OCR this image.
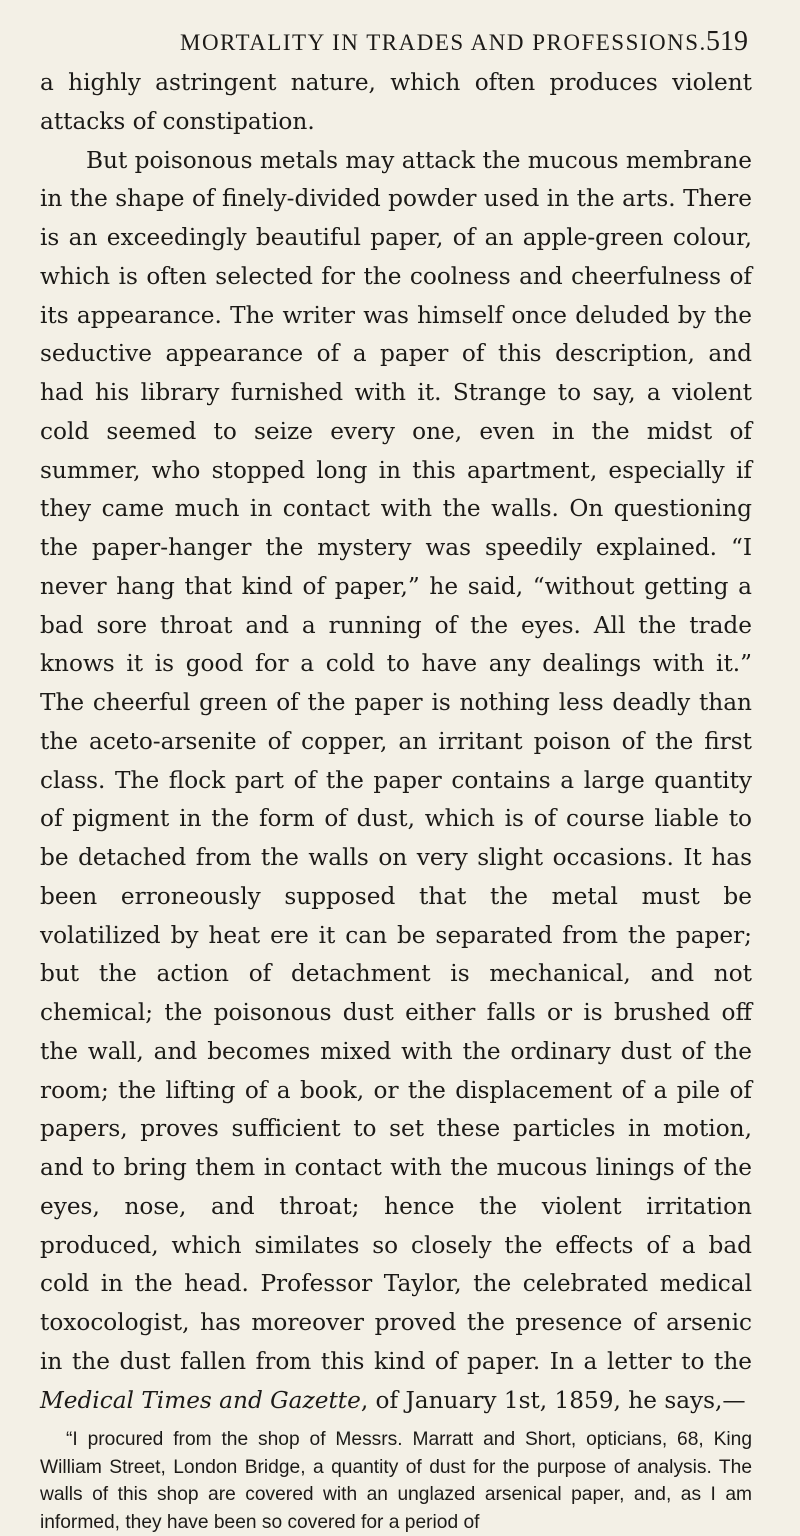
MORTALITY IN TRADES AND PROFESSIONS. 519

a highly astringent nature, which often produces violent attacks of constipation.

But poisonous metals may attack the mucous membrane in the shape of finely-divided powder used in the arts. There is an exceedingly beautiful paper, of an apple-green colour, which is often selected for the coolness and cheerfulness of its appearance. The writer was himself once deluded by the seductive appearance of a paper of this description, and had his library furnished with it. Strange to say, a violent cold seemed to seize every one, even in the midst of summer, who stopped long in this apartment, especially if they came much in contact with the walls. On questioning the paper-hanger the mystery was speedily explained. “I never hang that kind of paper,” he said, “without getting a bad sore throat and a running of the eyes. All the trade knows it is good for a cold to have any dealings with it.” The cheerful green of the paper is nothing less deadly than the aceto-arsenite of copper, an irritant poison of the first class. The flock part of the paper contains a large quantity of pigment in the form of dust, which is of course liable to be detached from the walls on very slight occasions. It has been erroneously supposed that the metal must be volatilized by heat ere it can be separated from the paper; but the action of detachment is mechanical, and not chemical; the poisonous dust either falls or is brushed off the wall, and becomes mixed with the ordinary dust of the room; the lifting of a book, or the displacement of a pile of papers, proves sufficient to set these particles in motion, and to bring them in contact with the mucous linings of the eyes, nose, and throat; hence the violent irritation produced, which similates so closely the effects of a bad cold in the head. Professor Taylor, the celebrated medical toxocologist, has moreover proved the presence of arsenic in the dust fallen from this kind of paper. In a letter to the Medical Times and Gazette, of January 1st, 1859, he says,—

“I procured from the shop of Messrs. Marratt and Short, opticians, 68, King William Street, London Bridge, a quantity of dust for the purpose of analysis. The walls of this shop are covered with an unglazed arsenical paper, and, as I am informed, they have been so covered for a period of
